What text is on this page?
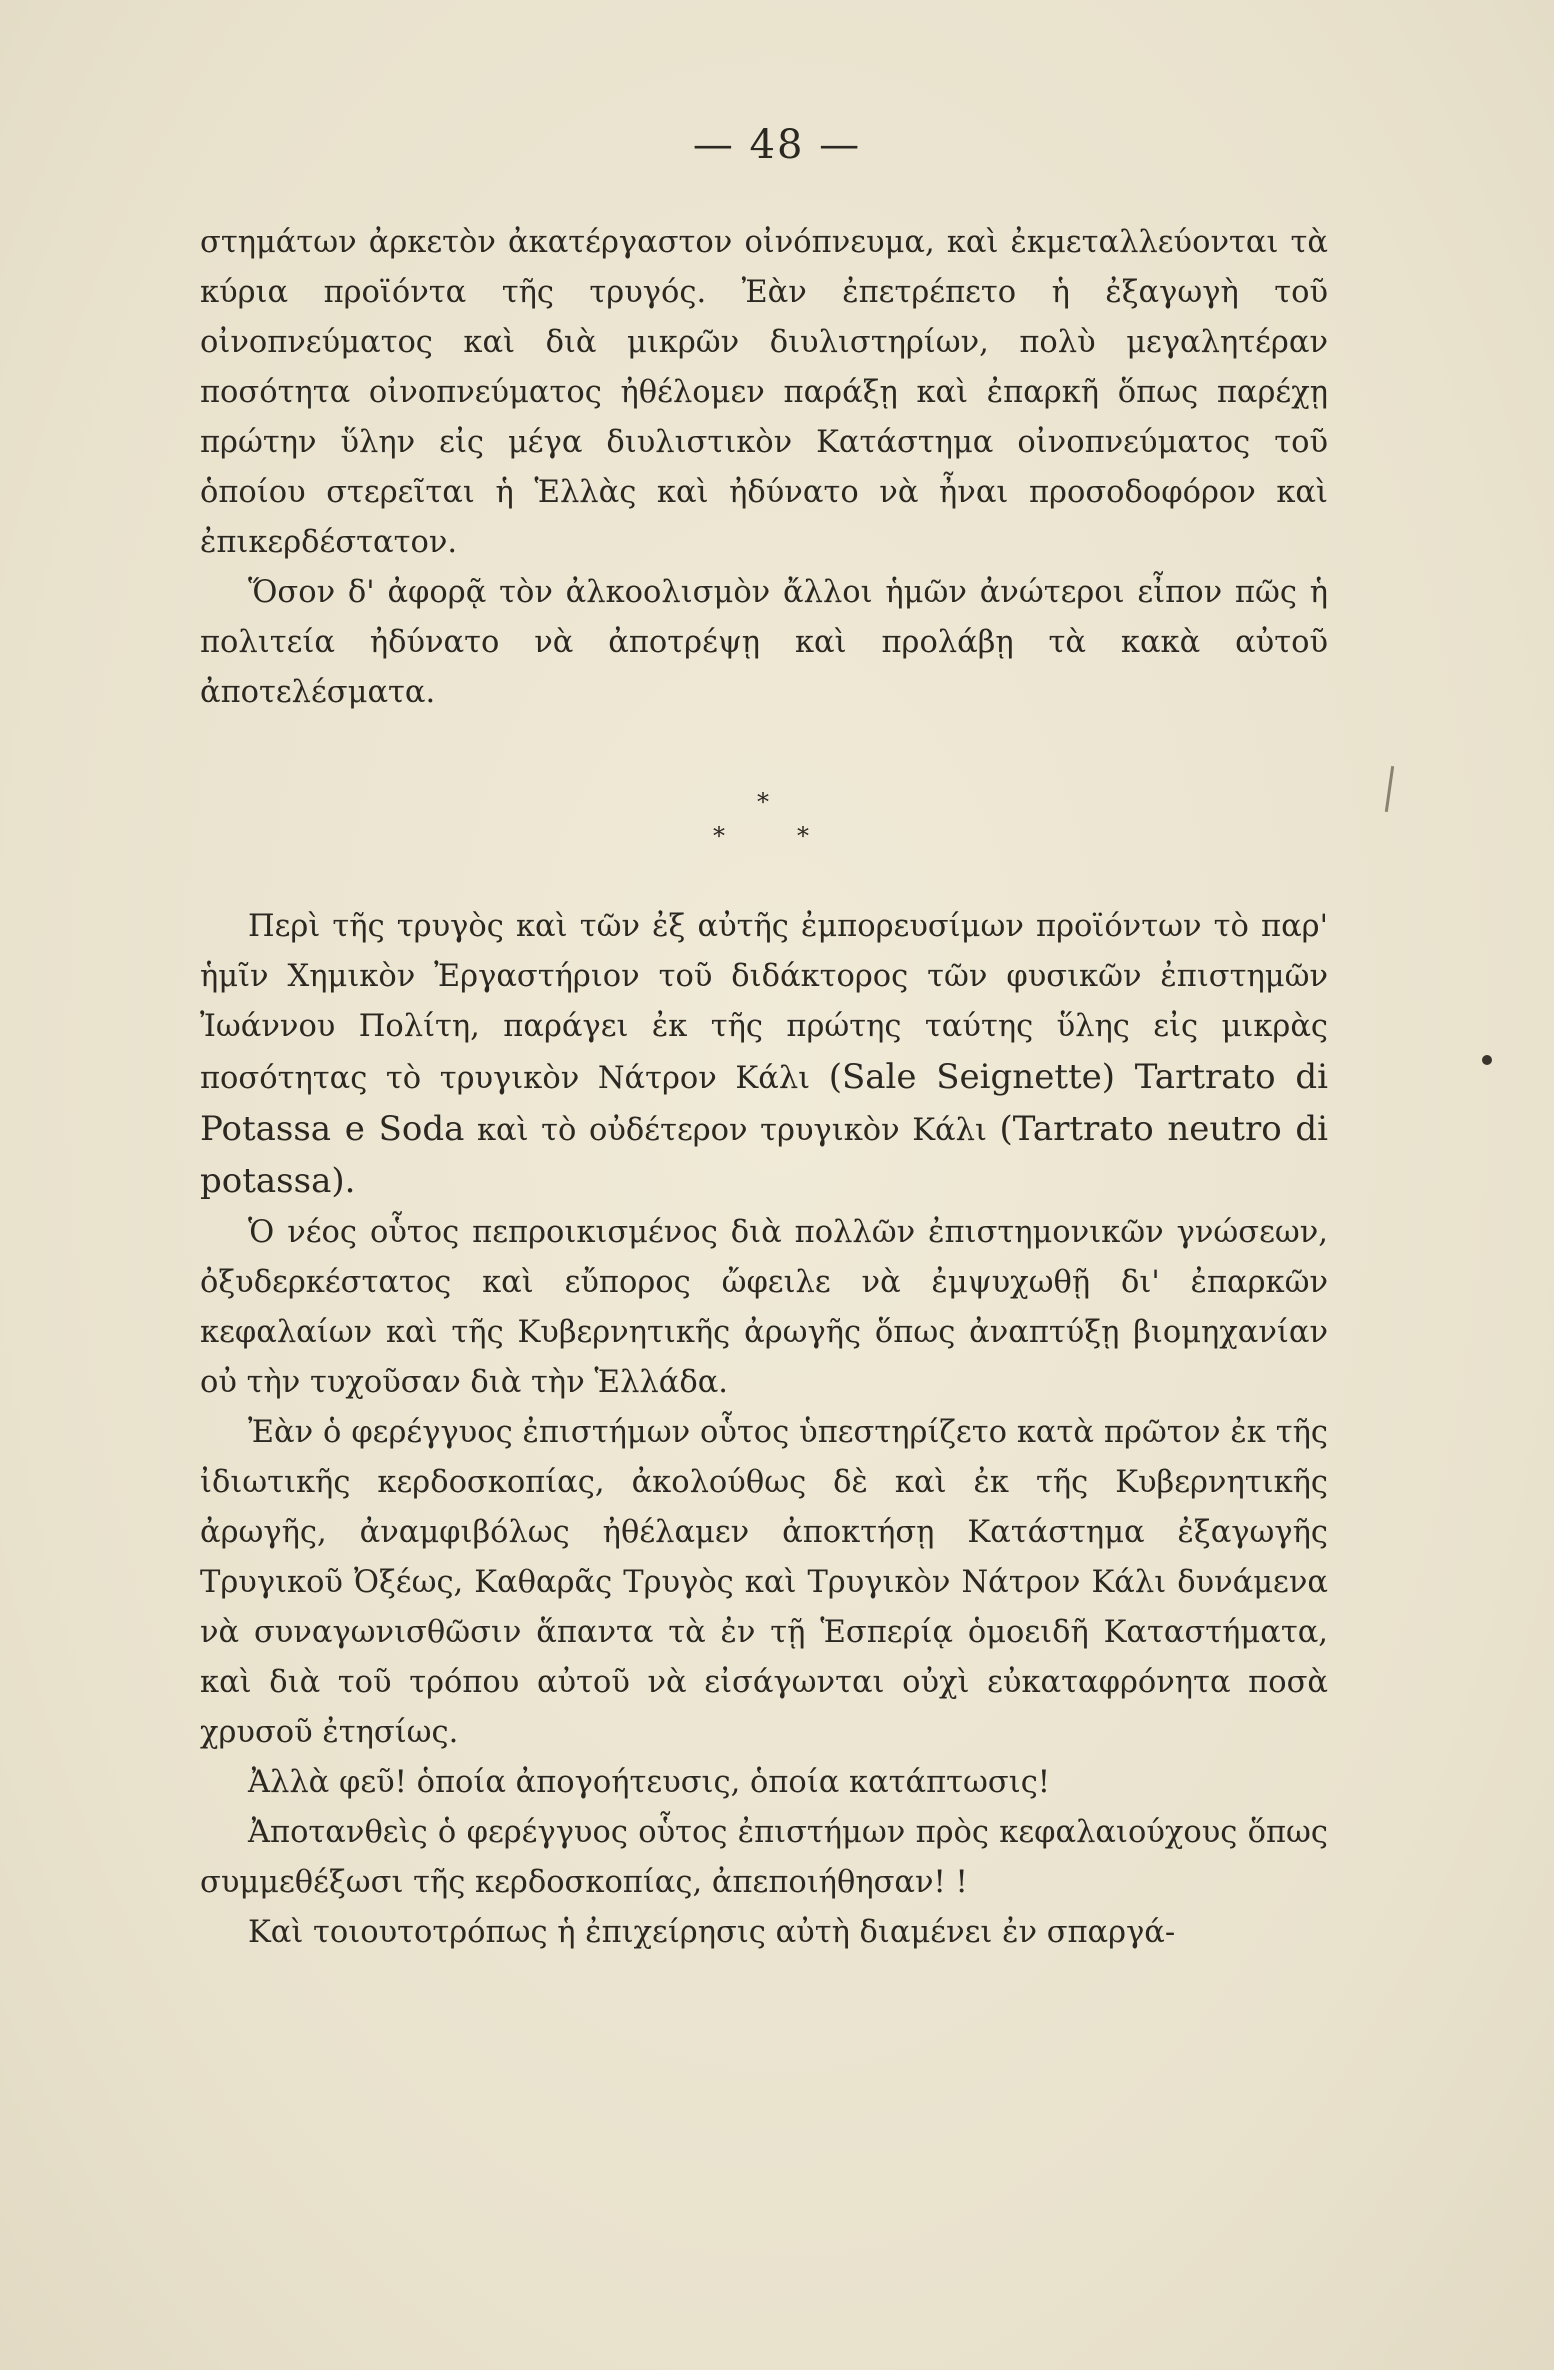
— 48 —

στημάτων ἀρκετὸν ἀκατέργαστον οἰνόπνευμα, καὶ ἐκμεταλλεύονται τὰ κύρια προϊόντα τῆς τρυγός. Ἐὰν ἐπετρέπετο ἡ ἐξαγωγὴ τοῦ οἰνοπνεύματος καὶ διὰ μικρῶν διυλιστηρίων, πολὺ μεγαλητέραν ποσότητα οἰνοπνεύματος ἠθέλομεν παράξῃ καὶ ἐπαρκῆ ὅπως παρέχῃ πρώτην ὕλην εἰς μέγα διυλιστικὸν Κατάστημα οἰνοπνεύματος τοῦ ὁποίου στερεῖται ἡ Ἑλλὰς καὶ ἠδύνατο νὰ ἦναι προσοδοφόρον καὶ ἐπικερδέστατον.

Ὅσον δ' ἀφορᾷ τὸν ἀλκοολισμὸν ἄλλοι ἡμῶν ἀνώτεροι εἶπον πῶς ἡ πολιτεία ἠδύνατο νὰ ἀποτρέψῃ καὶ προλάβῃ τὰ κακὰ αὐτοῦ ἀποτελέσματα.

*
*	*

Περὶ τῆς τρυγὸς καὶ τῶν ἐξ αὐτῆς ἐμπορευσίμων προϊόντων τὸ παρ' ἡμῖν Χημικὸν Ἐργαστήριον τοῦ διδάκτορος τῶν φυσικῶν ἐπιστημῶν Ἰωάννου Πολίτη, παράγει ἐκ τῆς πρώτης ταύτης ὕλης εἰς μικρὰς ποσότητας τὸ τρυγικὸν Νάτρον Κάλι (Sale Seignette) Tartrato di Potassa e Soda καὶ τὸ οὐδέτερον τρυγικὸν Κάλι (Tartrato neutro di potassa).

Ὁ νέος οὗτος πεπροικισμένος διὰ πολλῶν ἐπιστημονικῶν γνώσεων, ὀξυδερκέστατος καὶ εὔπορος ὤφειλε νὰ ἐμψυχωθῇ δι' ἐπαρκῶν κεφαλαίων καὶ τῆς Κυβερνητικῆς ἀρωγῆς ὅπως ἀναπτύξῃ βιομηχανίαν οὐ τὴν τυχοῦσαν διὰ τὴν Ἑλλάδα.

Ἐὰν ὁ φερέγγυος ἐπιστήμων οὗτος ὑπεστηρίζετο κατὰ πρῶτον ἐκ τῆς ἰδιωτικῆς κερδοσκοπίας, ἀκολούθως δὲ καὶ ἐκ τῆς Κυβερνητικῆς ἀρωγῆς, ἀναμφιβόλως ἠθέλαμεν ἀποκτήσῃ Κατάστημα ἐξαγωγῆς Τρυγικοῦ Ὀξέως, Καθαρᾶς Τρυγὸς καὶ Τρυγικὸν Νάτρον Κάλι δυνάμενα νὰ συναγωνισθῶσιν ἅπαντα τὰ ἐν τῇ Ἑσπερίᾳ ὁμοειδῆ Καταστήματα, καὶ διὰ τοῦ τρόπου αὐτοῦ νὰ εἰσάγωνται οὐχὶ εὐκαταφρόνητα ποσὰ χρυσοῦ ἐτησίως.

Ἀλλὰ φεῦ! ὁποία ἀπογοήτευσις, ὁποία κατάπτωσις!

Ἀποτανθεὶς ὁ φερέγγυος οὗτος ἐπιστήμων πρὸς κεφαλαιούχους ὅπως συμμεθέξωσι τῆς κερδοσκοπίας, ἀπεποιήθησαν! !

Καὶ τοιουτοτρόπως ἡ ἐπιχείρησις αὐτὴ διαμένει ἐν σπαργά-
